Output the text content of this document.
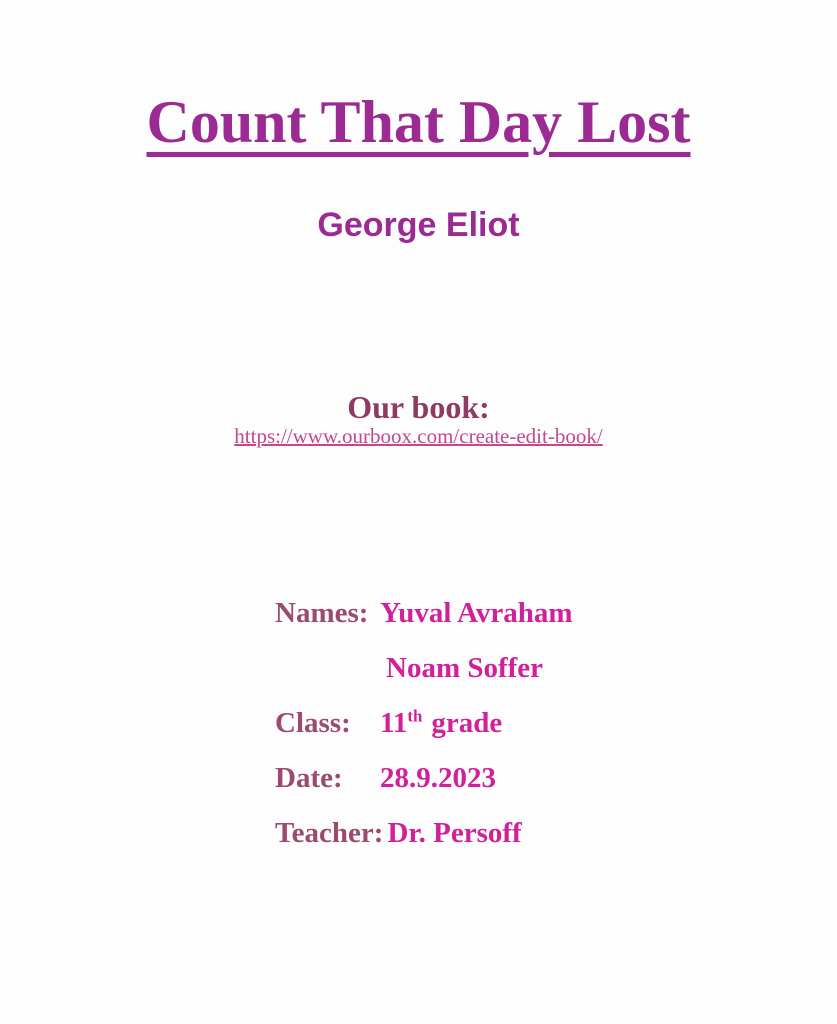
Count That Day Lost
George Eliot
Our book:
https://www.ourboox.com/create-edit-book/
Names: Yuval Avraham
Noam Soffer
Class:	11th grade
Date:	28.9.2023
Teacher: Dr. Persoff
